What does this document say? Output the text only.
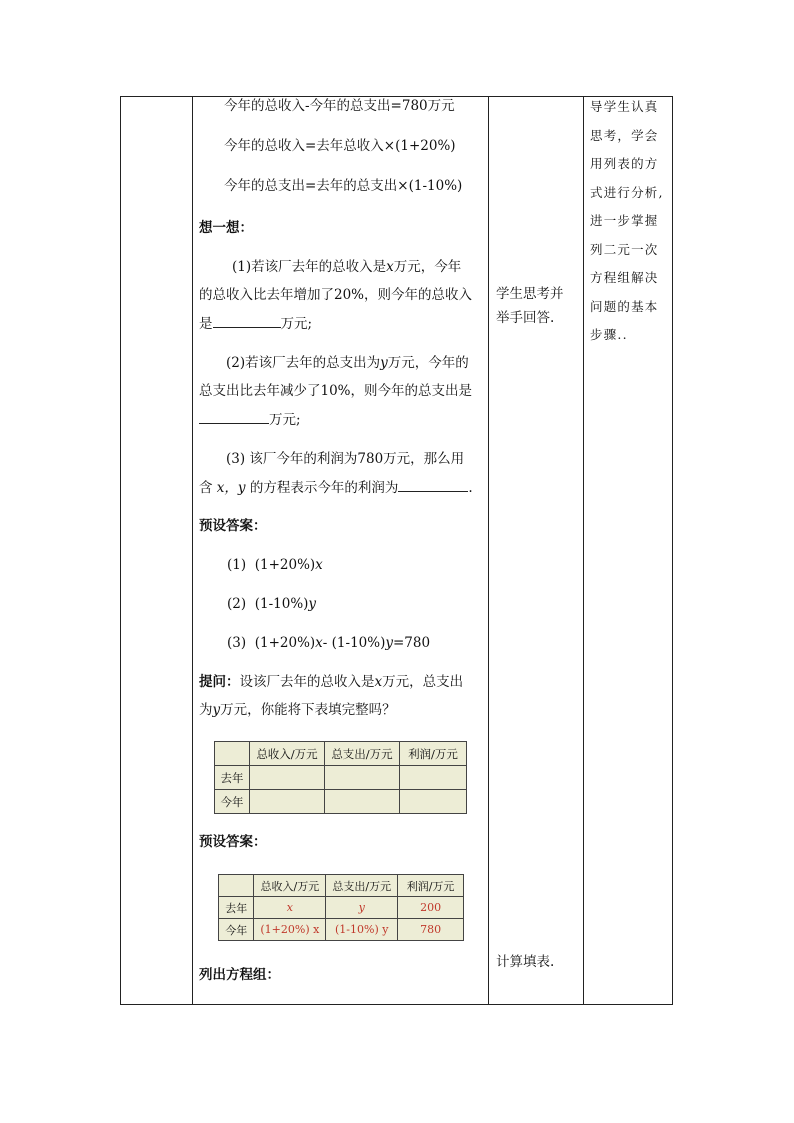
今年的总收入-今年的总支出=780万元
今年的总收入=去年总收入×(1+20%)
今年的总支出=去年的总支出×(1-10%)
想一想：
(1)若该厂去年的总收入是x万元，今年
的总收入比去年增加了20%，则今年的总收入
是	万元;
(2)若该厂去年的总支出为y万元，今年的
总支出比去年减少了10%，则今年的总支出是
万元;
(3) 该厂今年的利润为780万元，那么用
含 x，y 的方程表示今年的利润为	.
预设答案：
(1) (1+20%)x
(2) (1-10%)y
(3) (1+20%)x- (1-10%)y=780
提问：设该厂去年的总收入是x万元，总支出
为y万元，你能将下表填完整吗？
	总收入/万元	总支出/万元	利润/万元
去年			
今年			
预设答案：
	总收入/万元	总支出/万元	利润/万元
去年	x	y	200
今年	(1+20%) x	(1-10%) y	780
列出方程组：
学生思考并
举手回答.
计算填表.
导学生认真
思考，学会
用列表的方
式进行分析,
进一步掌握
列二元一次
方程组解决
问题的基本
步骤..
